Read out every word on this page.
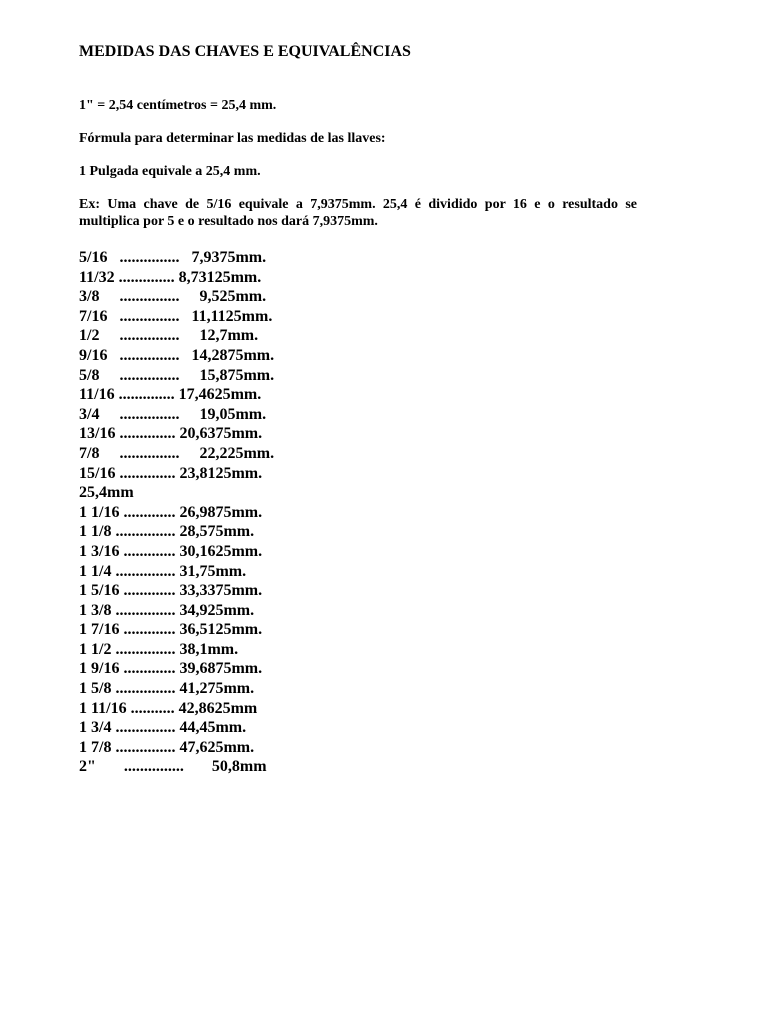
MEDIDAS DAS CHAVES E EQUIVALÊNCIAS
1" = 2,54 centímetros = 25,4 mm.
Fórmula para determinar las medidas de las llaves:
1 Pulgada equivale a 25,4 mm.
Ex: Uma chave de 5/16 equivale a 7,9375mm. 25,4 é dividido por 16 e o resultado se multiplica por 5 e o resultado nos dará 7,9375mm.
5/16   ...............   7,9375mm.
11/32 .............. 8,73125mm.
3/8     ...............     9,525mm.
7/16   ...............   11,1125mm.
1/2     ...............     12,7mm.
9/16   ...............   14,2875mm.
5/8     ...............     15,875mm.
11/16 .............. 17,4625mm.
3/4     ...............     19,05mm.
13/16 .............. 20,6375mm.
7/8     ...............     22,225mm.
15/16 .............. 23,8125mm.
25,4mm
1 1/16 ............. 26,9875mm.
1 1/8 ............... 28,575mm.
1 3/16 ............. 30,1625mm.
1 1/4 ............... 31,75mm.
1 5/16 ............. 33,3375mm.
1 3/8 ............... 34,925mm.
1 7/16 ............. 36,5125mm.
1 1/2 ............... 38,1mm.
1 9/16 ............. 39,6875mm.
1 5/8 ............... 41,275mm.
1 11/16 ........... 42,8625mm
1 3/4 ............... 44,45mm.
1 7/8 ............... 47,625mm.
2"       ...............       50,8mm
